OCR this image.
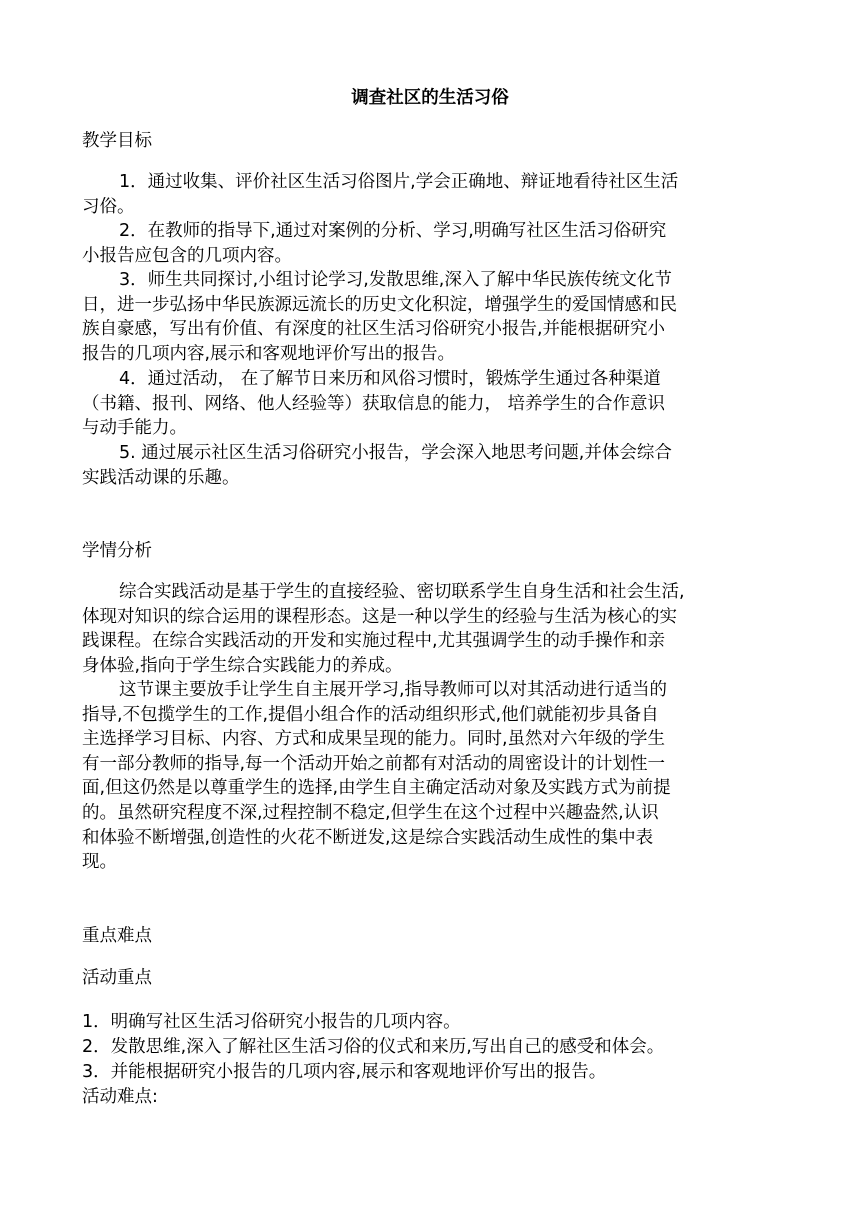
调查社区的生活习俗
教学目标
1．通过收集、评价社区生活习俗图片,学会正确地、辩证地看待社区生活
习俗。
2．在教师的指导下,通过对案例的分析、学习,明确写社区生活习俗研究
小报告应包含的几项内容。
3．师生共同探讨,小组讨论学习,发散思维,深入了解中华民族传统文化节
日，进一步弘扬中华民族源远流长的历史文化积淀，增强学生的爱国情感和民
族自豪感，写出有价值、有深度的社区生活习俗研究小报告,并能根据研究小
报告的几项内容,展示和客观地评价写出的报告。
4．通过活动， 在了解节日来历和风俗习惯时，锻炼学生通过各种渠道
（书籍、报刊、网络、他人经验等）获取信息的能力， 培养学生的合作意识
与动手能力。
5. 通过展示社区生活习俗研究小报告，学会深入地思考问题,并体会综合
实践活动课的乐趣。
学情分析
综合实践活动是基于学生的直接经验、密切联系学生自身生活和社会生活,
体现对知识的综合运用的课程形态。这是一种以学生的经验与生活为核心的实
践课程。在综合实践活动的开发和实施过程中,尤其强调学生的动手操作和亲
身体验,指向于学生综合实践能力的养成。
这节课主要放手让学生自主展开学习,指导教师可以对其活动进行适当的
指导,不包揽学生的工作,提倡小组合作的活动组织形式,他们就能初步具备自
主选择学习目标、内容、方式和成果呈现的能力。同时,虽然对六年级的学生
有一部分教师的指导,每一个活动开始之前都有对活动的周密设计的计划性一
面,但这仍然是以尊重学生的选择,由学生自主确定活动对象及实践方式为前提
的。虽然研究程度不深,过程控制不稳定,但学生在这个过程中兴趣盎然,认识
和体验不断增强,创造性的火花不断迸发,这是综合实践活动生成性的集中表
现。
重点难点
活动重点
1．明确写社区生活习俗研究小报告的几项内容。
2．发散思维,深入了解社区生活习俗的仪式和来历,写出自己的感受和体会。
3．并能根据研究小报告的几项内容,展示和客观地评价写出的报告。
活动难点:
